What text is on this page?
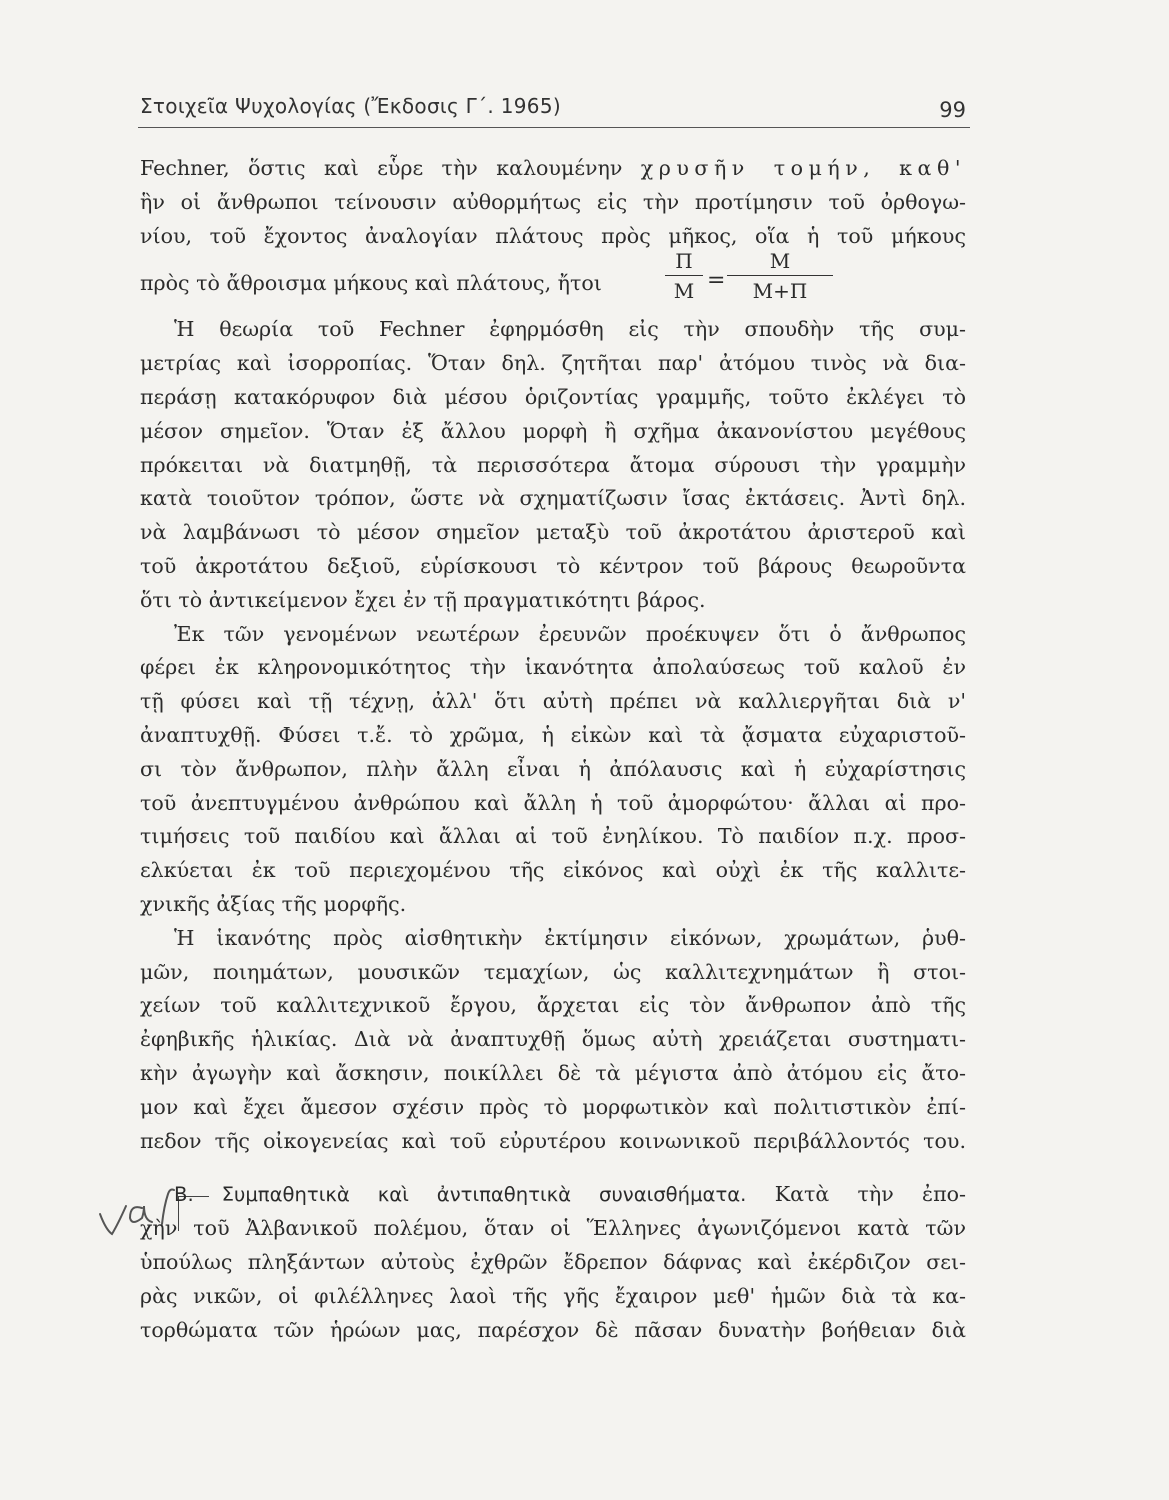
Στοιχεῖα Ψυχολογίας (Ἔκδοσις Γ΄. 1965)	99
Fechner, ὅστις καὶ εὗρε τὴν καλουμένην χρυσῆν τομήν, καθ'
ἣν οἱ ἄνθρωποι τείνουσιν αὐθορμήτως εἰς τὴν προτίμησιν τοῦ ὀρθογω-
νίου, τοῦ ἔχοντος ἀναλογίαν πλάτους πρὸς μῆκος, οἵα ἡ τοῦ μήκους
πρὸς τὸ ἄθροισμα μήκους καὶ πλάτους, ἤτοι
Π
Μ =
Μ
Μ+Π
Ἡ θεωρία τοῦ Fechner ἐφηρμόσθη εἰς τὴν σπουδὴν τῆς συμ-
μετρίας καὶ ἰσορροπίας. Ὅταν δηλ. ζητῆται παρ' ἀτόμου τινὸς νὰ δια-
περάσῃ κατακόρυφον διὰ μέσου ὁριζοντίας γραμμῆς, τοῦτο ἐκλέγει τὸ
μέσον σημεῖον. Ὅταν ἐξ ἄλλου μορφὴ ἢ σχῆμα ἀκανονίστου μεγέθους
πρόκειται νὰ διατμηθῇ, τὰ περισσότερα ἄτομα σύρουσι τὴν γραμμὴν
κατὰ τοιοῦτον τρόπον, ὥστε νὰ σχηματίζωσιν ἴσας ἐκτάσεις. Ἀντὶ δηλ.
νὰ λαμβάνωσι τὸ μέσον σημεῖον μεταξὺ τοῦ ἀκροτάτου ἀριστεροῦ καὶ
τοῦ ἀκροτάτου δεξιοῦ, εὑρίσκουσι τὸ κέντρον τοῦ βάρους θεωροῦντα
ὅτι τὸ ἀντικείμενον ἔχει ἐν τῇ πραγματικότητι βάρος.
Ἐκ τῶν γενομένων νεωτέρων ἐρευνῶν προέκυψεν ὅτι ὁ ἄνθρωπος
φέρει ἐκ κληρονομικότητος τὴν ἱκανότητα ἀπολαύσεως τοῦ καλοῦ ἐν
τῇ φύσει καὶ τῇ τέχνῃ, ἀλλ' ὅτι αὐτὴ πρέπει νὰ καλλιεργῆται διὰ ν'
ἀναπτυχθῇ. Φύσει τ.ἔ. τὸ χρῶμα, ἡ εἰκὼν καὶ τὰ ᾄσματα εὐχαριστοῦ-
σι τὸν ἄνθρωπον, πλὴν ἄλλη εἶναι ἡ ἀπόλαυσις καὶ ἡ εὐχαρίστησις
τοῦ ἀνεπτυγμένου ἀνθρώπου καὶ ἄλλη ἡ τοῦ ἀμορφώτου· ἄλλαι αἱ προ-
τιμήσεις τοῦ παιδίου καὶ ἄλλαι αἱ τοῦ ἐνηλίκου. Τὸ παιδίον π.χ. προσ-
ελκύεται ἐκ τοῦ περιεχομένου τῆς εἰκόνος καὶ οὐχὶ ἐκ τῆς καλλιτε-
χνικῆς ἀξίας τῆς μορφῆς.
Ἡ ἱκανότης πρὸς αἰσθητικὴν ἐκτίμησιν εἰκόνων, χρωμάτων, ῥυθ-
μῶν, ποιημάτων, μουσικῶν τεμαχίων, ὡς καλλιτεχνημάτων ἢ στοι-
χείων τοῦ καλλιτεχνικοῦ ἔργου, ἄρχεται εἰς τὸν ἄνθρωπον ἀπὸ τῆς
ἐφηβικῆς ἡλικίας. Διὰ νὰ ἀναπτυχθῇ ὅμως αὐτὴ χρειάζεται συστηματι-
κὴν ἀγωγὴν καὶ ἄσκησιν, ποικίλλει δὲ τὰ μέγιστα ἀπὸ ἀτόμου εἰς ἄτο-
μον καὶ ἔχει ἄμεσον σχέσιν πρὸς τὸ μορφωτικὸν καὶ πολιτιστικὸν ἐπί-
πεδον τῆς οἰκογενείας καὶ τοῦ εὐρυτέρου κοινωνικοῦ περιβάλλοντός του.
Β. Συμπαθητικὰ καὶ ἀντιπαθητικὰ συναισθήματα. Κατὰ τὴν ἐπο-
χὴν τοῦ Ἀλβανικοῦ πολέμου, ὅταν οἱ Ἕλληνες ἀγωνιζόμενοι κατὰ τῶν
ὑπούλως πληξάντων αὐτοὺς ἐχθρῶν ἔδρεπον δάφνας καὶ ἐκέρδιζον σει-
ρὰς νικῶν, οἱ φιλέλληνες λαοὶ τῆς γῆς ἔχαιρον μεθ' ἡμῶν διὰ τὰ κα-
τορθώματα τῶν ἡρώων μας, παρέσχον δὲ πᾶσαν δυνατὴν βοήθειαν διὰ
